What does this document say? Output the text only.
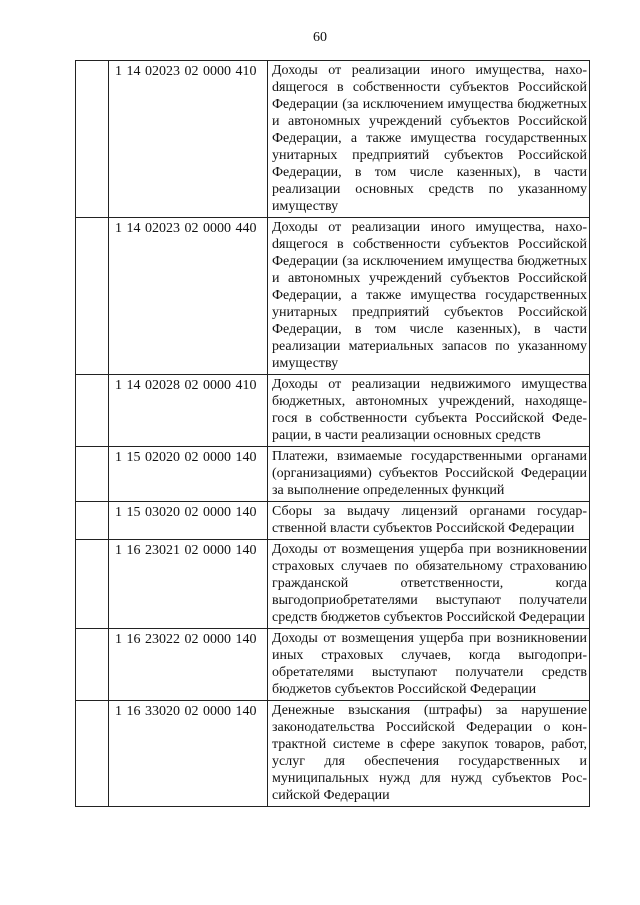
60
	1 14 02023 02 0000 410	Доходы от реализации иного имущества, нахоdящегося в собственности субъектов Российской Федерации (за исключением имущества бюджетных и автономных учреждений субъектов Российской Федерации, а также имущества государственных унитарных предприятий субъектов Российской Федерации, в том числе казенных), в части реализации основных средств по указанному имуществу
	1 14 02023 02 0000 440	Доходы от реализации иного имущества, нахоdящегося в собственности субъектов Российской Федерации (за исключением имущества бюджетных и автономных учреждений субъектов Российской Федерации, а также имущества государственных унитарных предприятий субъектов Российской Федерации, в том числе казенных), в части реализации материальных запасов по указанному имуществу
	1 14 02028 02 0000 410	Доходы от реализации недвижимого имущества бюджетных, автономных учреждений, находящегося в собственности субъекта Российской Федерации, в части реализации основных средств
	1 15 02020 02 0000 140	Платежи, взимаемые государственными органами (организациями) субъектов Российской Федерации за выполнение определенных функций
	1 15 03020 02 0000 140	Сборы за выдачу лицензий органами государственной власти субъектов Российской Федерации
	1 16 23021 02 0000 140	Доходы от возмещения ущерба при возникновении страховых случаев по обязательному страхованию гражданской ответственности, когда выгодоприобретателями выступают получатели средств бюджетов субъектов Российской Федерации
	1 16 23022 02 0000 140	Доходы от возмещения ущерба при возникновении иных страховых случаев, когда выгодоприобретателями выступают получатели средств бюджетов субъектов Российской Федерации
	1 16 33020 02 0000 140	Денежные взыскания (штрафы) за нарушение законодательства Российской Федерации о контрактной системе в сфере закупок товаров, работ, услуг для обеспечения государственных и муниципальных нужд для нужд субъектов Российской Федерации
